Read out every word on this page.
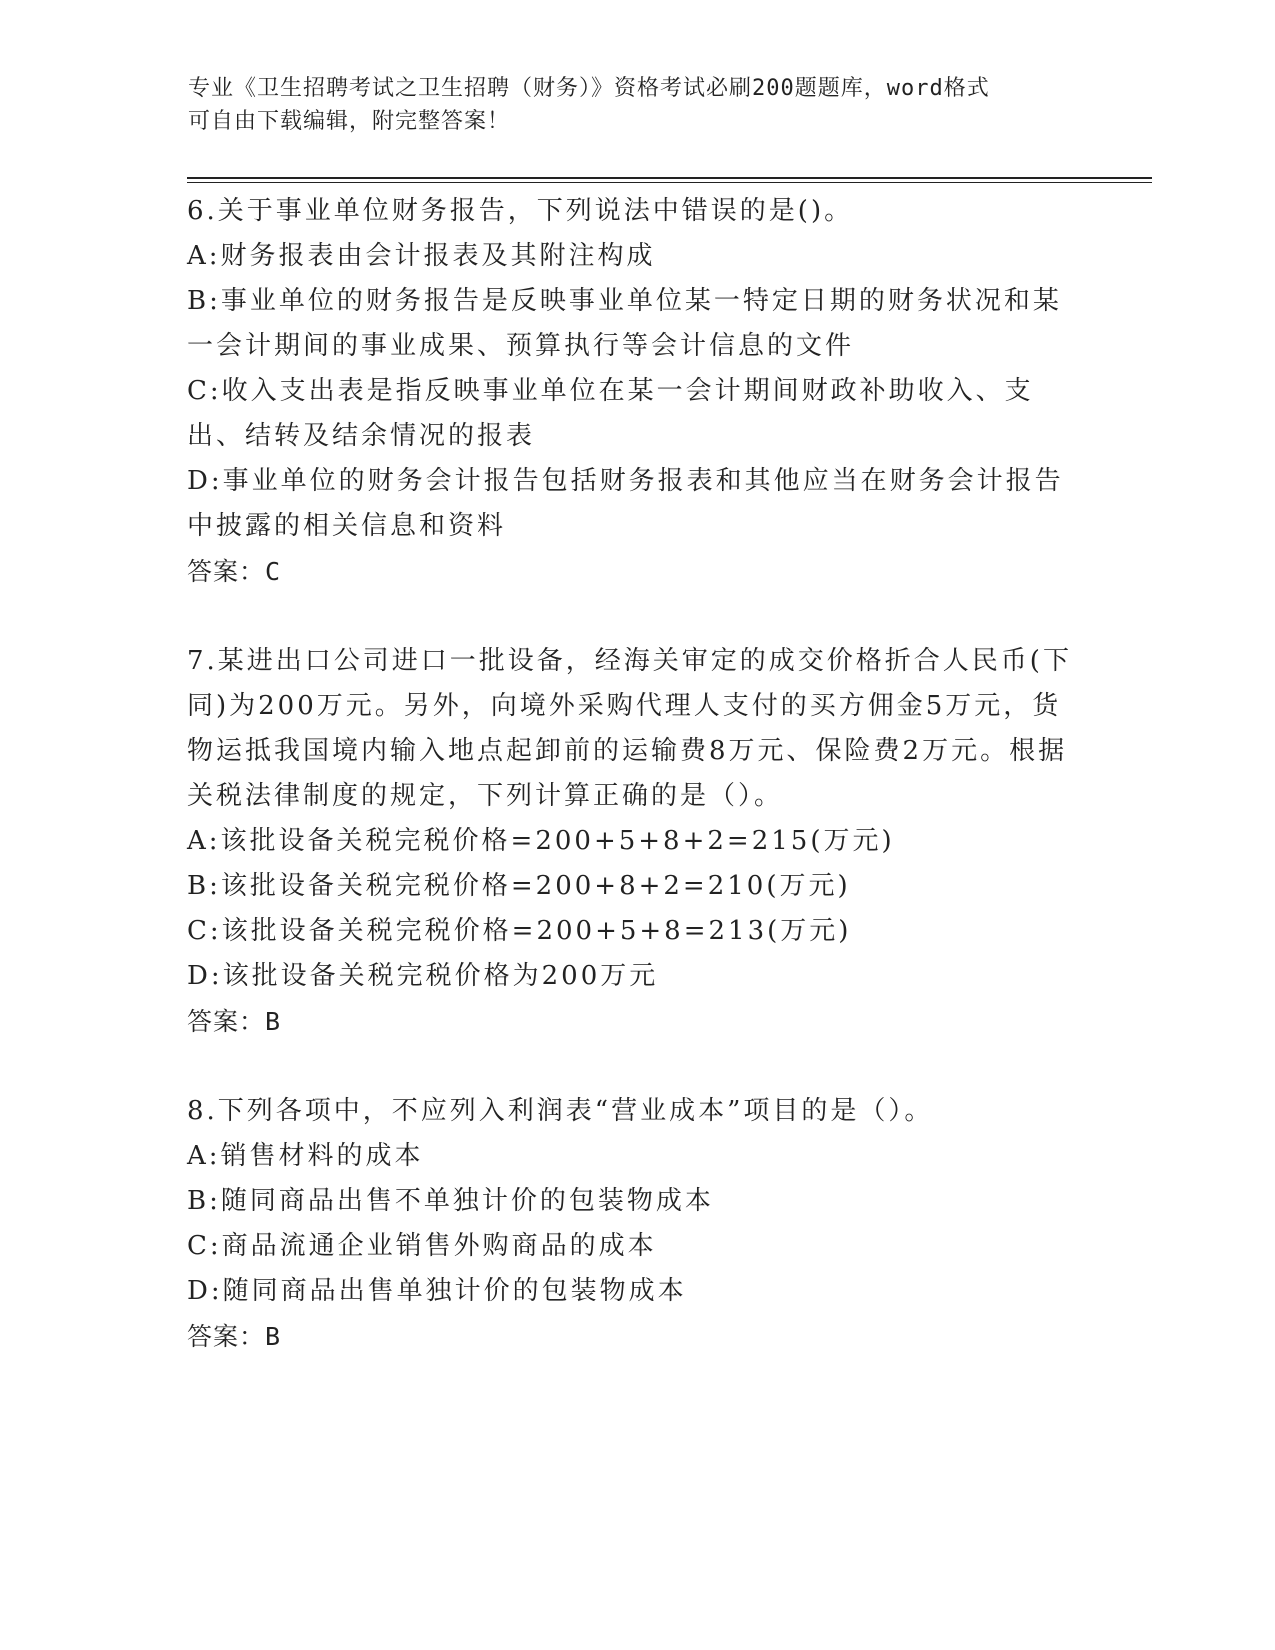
专业《卫生招聘考试之卫生招聘（财务）》资格考试必刷200题题库，word格式
可自由下载编辑，附完整答案！

6.关于事业单位财务报告，下列说法中错误的是()。

A:财务报表由会计报表及其附注构成

B:事业单位的财务报告是反映事业单位某一特定日期的财务状况和某一会计期间的事业成果、预算执行等会计信息的文件

C:收入支出表是指反映事业单位在某一会计期间财政补助收入、支出、结转及结余情况的报表

D:事业单位的财务会计报告包括财务报表和其他应当在财务会计报告中披露的相关信息和资料

答案：C

7.某进出口公司进口一批设备，经海关审定的成交价格折合人民币(下同)为200万元。另外，向境外采购代理人支付的买方佣金5万元，货物运抵我国境内输入地点起卸前的运输费8万元、保险费2万元。根据关税法律制度的规定，下列计算正确的是（）。

A:该批设备关税完税价格=200+5+8+2=215(万元)

B:该批设备关税完税价格=200+8+2=210(万元)

C:该批设备关税完税价格=200+5+8=213(万元)

D:该批设备关税完税价格为200万元

答案：B

8.下列各项中，不应列入利润表“营业成本”项目的是（）。

A:销售材料的成本

B:随同商品出售不单独计价的包装物成本

C:商品流通企业销售外购商品的成本

D:随同商品出售单独计价的包装物成本

答案：B
